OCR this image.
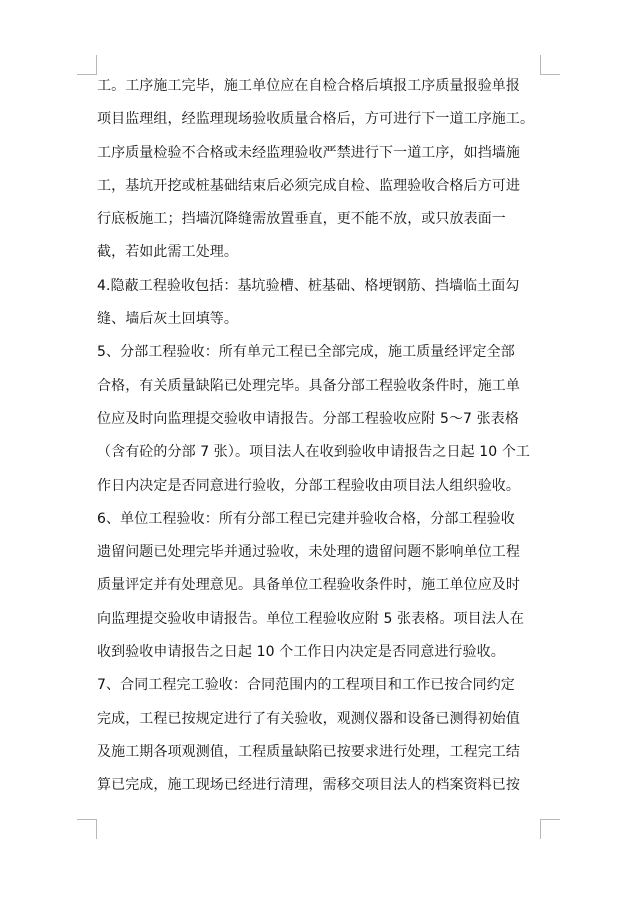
工。工序施工完毕，施工单位应在自检合格后填报工序质量报验单报
项目监理组，经监理现场验收质量合格后，方可进行下一道工序施工。
工序质量检验不合格或未经监理验收严禁进行下一道工序，如挡墙施
工，基坑开挖或桩基础结束后必须完成自检、监理验收合格后方可进
行底板施工；挡墙沉降缝需放置垂直，更不能不放，或只放表面一
截，若如此需工处理。
4.隐蔽工程验收包括：基坑验槽、桩基础、格埂钢筋、挡墙临土面勾
缝、墙后灰土回填等。
5、分部工程验收：所有单元工程已全部完成，施工质量经评定全部
合格，有关质量缺陷已处理完毕。具备分部工程验收条件时，施工单
位应及时向监理提交验收申请报告。分部工程验收应附 5～7 张表格
（含有砼的分部 7 张）。项目法人在收到验收申请报告之日起 10 个工
作日内决定是否同意进行验收，分部工程验收由项目法人组织验收。
6、单位工程验收：所有分部工程已完建并验收合格，分部工程验收
遗留问题已处理完毕并通过验收，未处理的遗留问题不影响单位工程
质量评定并有处理意见。具备单位工程验收条件时，施工单位应及时
向监理提交验收申请报告。单位工程验收应附 5 张表格。项目法人在
收到验收申请报告之日起 10 个工作日内决定是否同意进行验收。
7、合同工程完工验收：合同范围内的工程项目和工作已按合同约定
完成，工程已按规定进行了有关验收，观测仪器和设备已测得初始值
及施工期各项观测值，工程质量缺陷已按要求进行处理，工程完工结
算已完成，施工现场已经进行清理，需移交项目法人的档案资料已按
